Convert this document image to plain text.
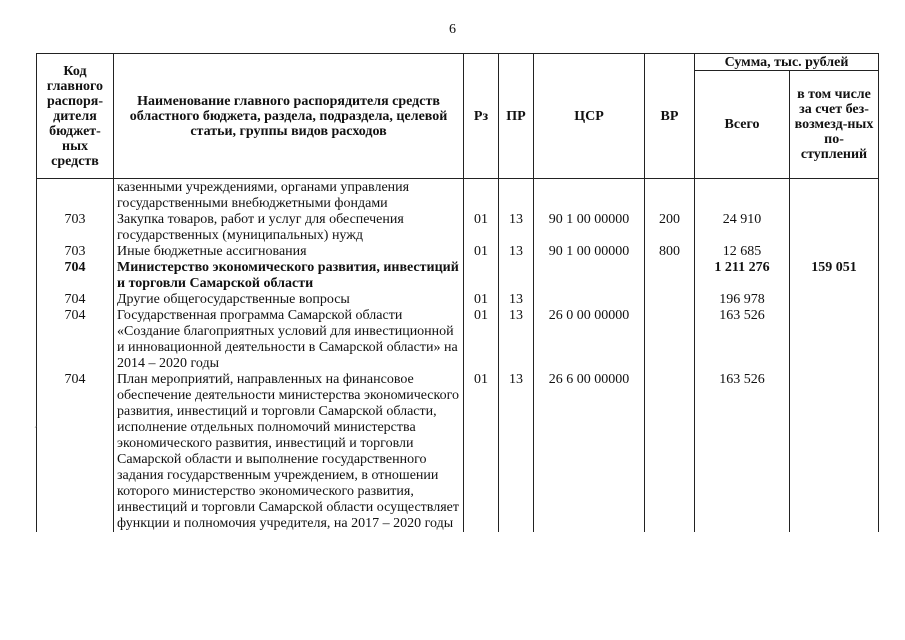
6
Код главного распоря-дителя бюджет-ных средств	Наименование главного распорядителя средств областного бюджета, раздела, подраздела, целевой статьи, группы видов расходов	Рз	ПР	ЦСР	ВР	Сумма, тыс. рублей	
						Всего	в том числе за счет без-возмезд-ных по-ступлений
	казенными учреждениями, органами управления государственными внебюджетными фондами						
703	Закупка товаров, работ и услуг для обеспечения государственных (муниципальных) нужд	01	13	90 1 00 00000	200	24 910	
703	Иные бюджетные ассигнования	01	13	90 1 00 00000	800	12 685	
704	Министерство экономического развития, инвестиций и торговли Самарской области					1 211 276	159 051
704	Другие общегосударственные вопросы	01	13			196 978	
704	Государственная программа Самарской области «Создание благоприятных условий для инвестиционной и инновационной деятельности в Самарской области» на 2014 – 2020 годы	01	13	26 0 00 00000		163 526	
704	План мероприятий, направленных на финансовое обеспечение деятельности министерства экономического развития, инвестиций и торговли Самарской области, исполнение отдельных полномочий министерства экономического развития, инвестиций и торговли Самарской области и выполнение государственного задания государственным учреждением, в отношении которого министерство экономического развития, инвестиций и торговли Самарской области осуществляет функции и полномочия учредителя, на 2017 – 2020 годы	01	13	26 6 00 00000		163 526	
´
